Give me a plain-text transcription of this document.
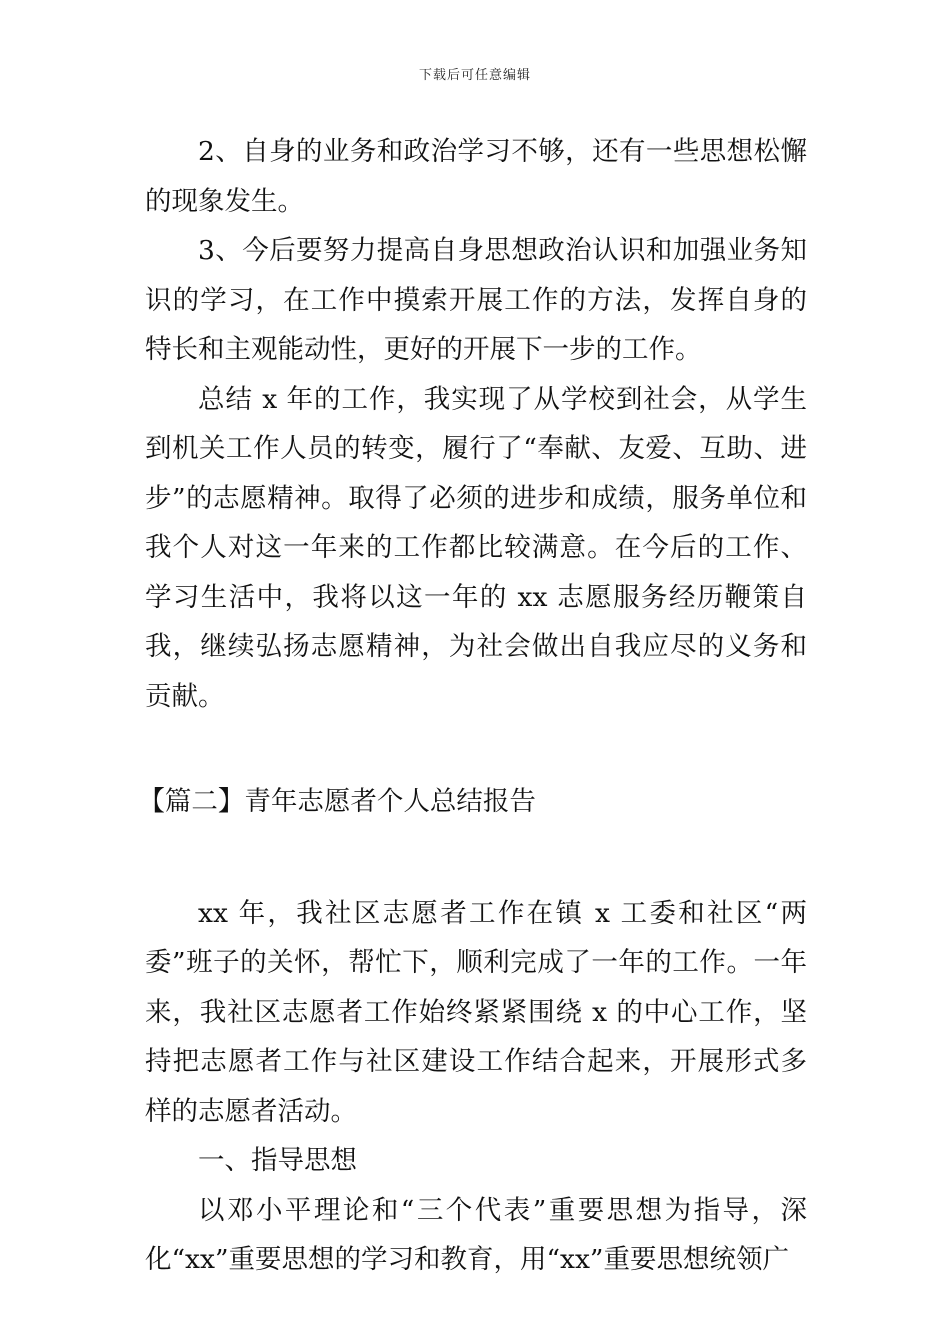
下载后可任意编辑

2、自身的业务和政治学习不够，还有一些思想松懈的现象发生。

3、今后要努力提高自身思想政治认识和加强业务知识的学习，在工作中摸索开展工作的方法，发挥自身的特长和主观能动性，更好的开展下一步的工作。

总结 x 年的工作，我实现了从学校到社会，从学生到机关工作人员的转变，履行了“奉献、友爱、互助、进步”的志愿精神。取得了必须的进步和成绩，服务单位和我个人对这一年来的工作都比较满意。在今后的工作、学习生活中，我将以这一年的 xx 志愿服务经历鞭策自我，继续弘扬志愿精神，为社会做出自我应尽的义务和贡献。

【篇二】青年志愿者个人总结报告

xx 年，我社区志愿者工作在镇 x 工委和社区“两委”班子的关怀，帮忙下，顺利完成了一年的工作。一年来，我社区志愿者工作始终紧紧围绕 x 的中心工作，坚持把志愿者工作与社区建设工作结合起来，开展形式多样的志愿者活动。

一、指导思想

以邓小平理论和“三个代表”重要思想为指导，深化“xx”重要思想的学习和教育，用“xx”重要思想统领广
